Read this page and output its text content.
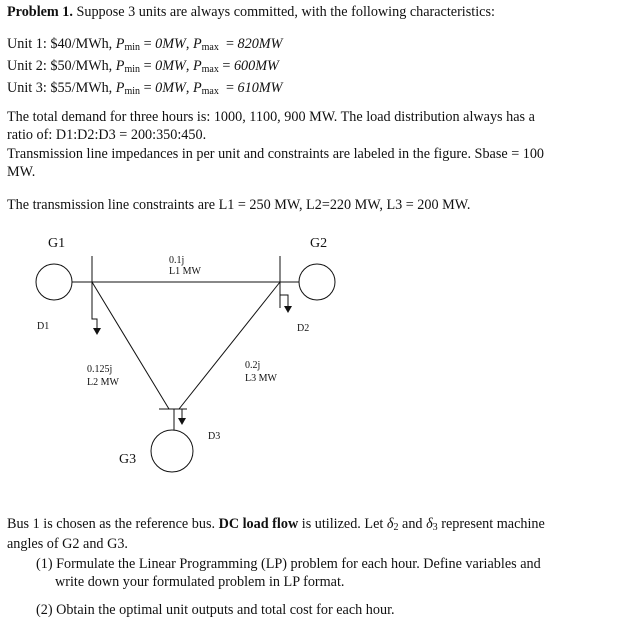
Problem 1. Suppose 3 units are always committed, with the following characteristics:

Unit 1: $40/MWh, $P_{min} = 0MW$, $P_{max} = 820MW$

Unit 2: $50/MWh, $P_{min} = 0MW$, $P_{max} = 600MW$

Unit 3: $55/MWh, $P_{min} = 0MW$, $P_{max} = 610MW$

The total demand for three hours is: 1000, 1100, 900 MW. The load distribution always has a

ratio of: D1:D2:D3 = 200:350:450.

Transmission line impedances in per unit and constraints are labeled in the figure. Sbase = 100

MW.

The transmission line constraints are L1 = 250 MW, L2=220 MW, L3 = 200 MW.

G1	G2
G3
D1	D2
D3
0.1j
L1 MW
0.125j
L2 MW
0.2j
L3 MW

Bus 1 is chosen as the reference bus. DC load flow is utilized. Let $\delta_2$ and $\delta_3$ represent machine

angles of G2 and G3.

(1) Formulate the Linear Programming (LP) problem for each hour. Define variables and

write down your formulated problem in LP format.

(2) Obtain the optimal unit outputs and total cost for each hour.
